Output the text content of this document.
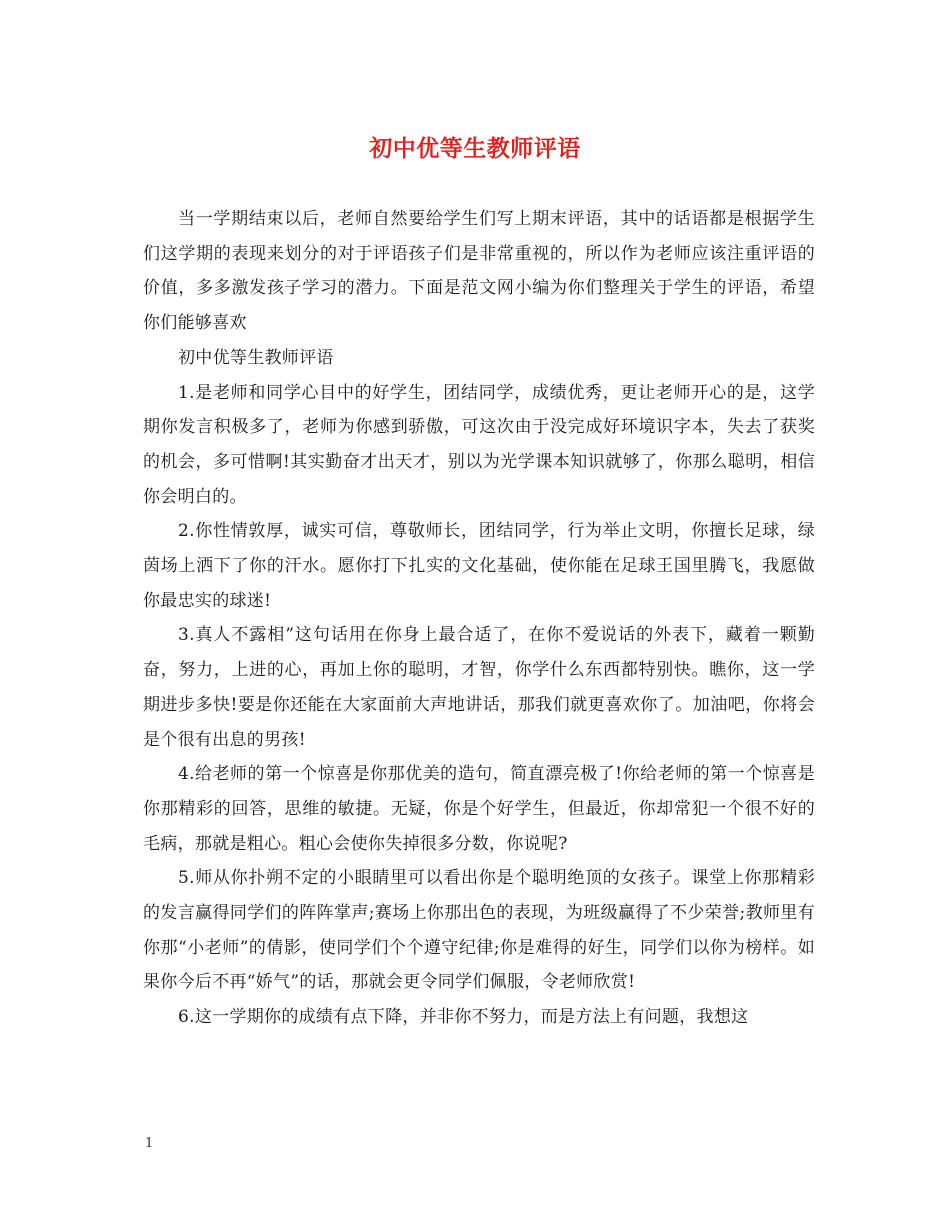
初中优等生教师评语

当一学期结束以后，老师自然要给学生们写上期末评语，其中的话语都是根据学生们这学期的表现来划分的对于评语孩子们是非常重视的，所以作为老师应该注重评语的价值，多多激发孩子学习的潜力。下面是范文网小编为你们整理关于学生的评语，希望你们能够喜欢

初中优等生教师评语

1.是老师和同学心目中的好学生，团结同学，成绩优秀，更让老师开心的是，这学期你发言积极多了，老师为你感到骄傲，可这次由于没完成好环境识字本，失去了获奖的机会，多可惜啊!其实勤奋才出天才，别以为光学课本知识就够了，你那么聪明，相信你会明白的。

2.你性情敦厚，诚实可信，尊敬师长，团结同学，行为举止文明，你擅长足球，绿茵场上洒下了你的汗水。愿你打下扎实的文化基础，使你能在足球王国里腾飞，我愿做你最忠实的球迷!

3.真人不露相”这句话用在你身上最合适了，在你不爱说话的外表下，藏着一颗勤奋，努力，上进的心，再加上你的聪明，才智，你学什么东西都特别快。瞧你，这一学期进步多快!要是你还能在大家面前大声地讲话，那我们就更喜欢你了。加油吧，你将会是个很有出息的男孩!

4.给老师的第一个惊喜是你那优美的造句，简直漂亮极了!你给老师的第一个惊喜是你那精彩的回答，思维的敏捷。无疑，你是个好学生，但最近，你却常犯一个很不好的毛病，那就是粗心。粗心会使你失掉很多分数，你说呢?

5.师从你扑朔不定的小眼睛里可以看出你是个聪明绝顶的女孩子。课堂上你那精彩的发言赢得同学们的阵阵掌声;赛场上你那出色的表现，为班级赢得了不少荣誉;教师里有你那“小老师”的倩影，使同学们个个遵守纪律;你是难得的好生，同学们以你为榜样。如果你今后不再“娇气”的话，那就会更令同学们佩服，令老师欣赏!

6.这一学期你的成绩有点下降，并非你不努力，而是方法上有问题，我想这

1
